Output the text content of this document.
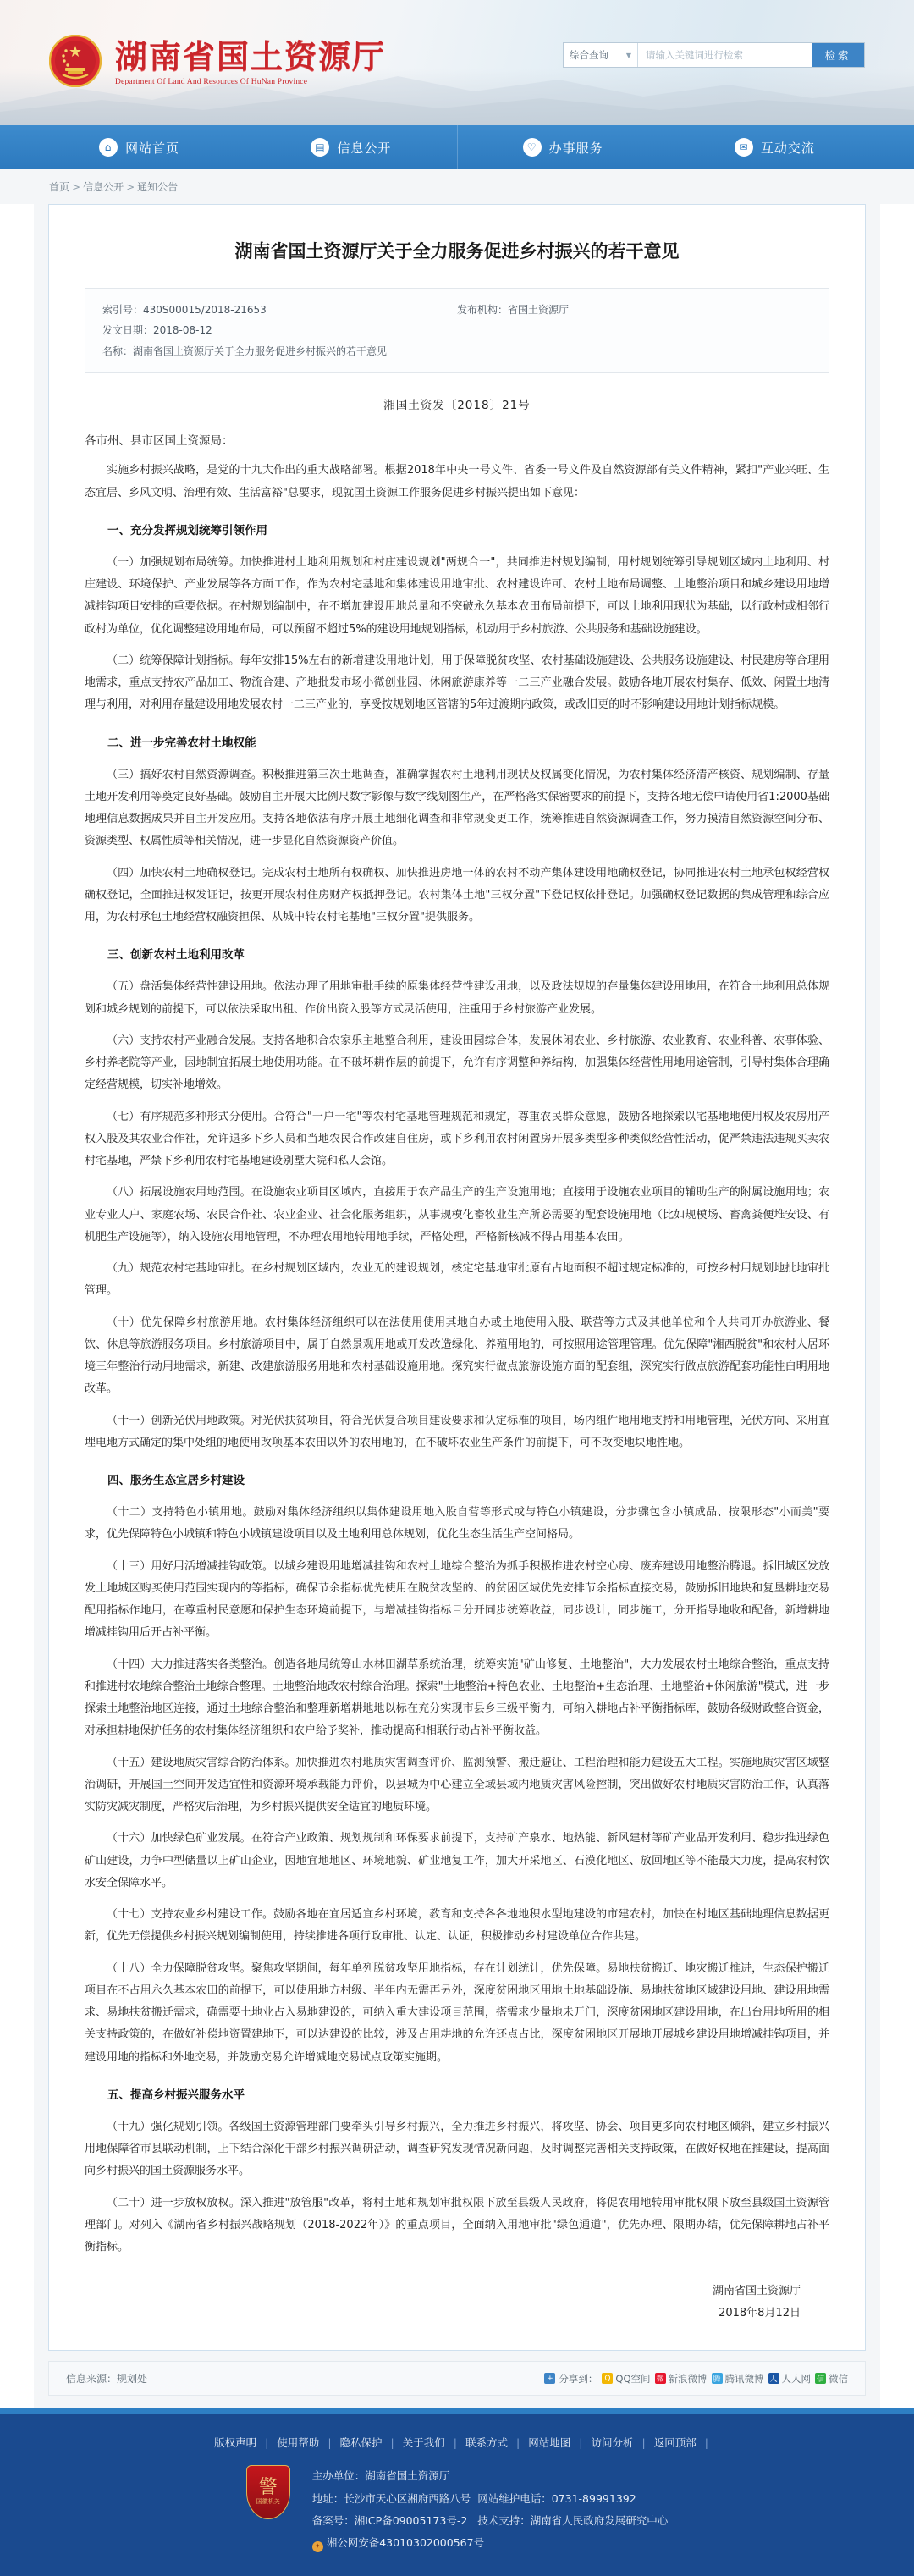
湖南省国土资源厅
Department Of Land And Resources Of HuNan Province
综合查询	▼
请输入关键词进行检索	检索
⌂	网站首页	▤ 信息公开	♡ 办事服务	✉ 互动交流
首页 > 信息公开 > 通知公告
湖南省国土资源厅关于全力服务促进乡村振兴的若干意见
索引号：430S00015/2018-21653	发布机构：省国土资源厅
发文日期：2018-08-12
名称：湖南省国土资源厅关于全力服务促进乡村振兴的若干意见
湘国土资发〔2018〕21号
各市州、县市区国土资源局：

实施乡村振兴战略，是党的十九大作出的重大战略部署。根据2018年中央一号文件、省委一号文件及自然资源部有关文件精神，紧扣"产业兴旺、生态宜居、乡风文明、治理有效、生活富裕"总要求，现就国土资源工作服务促进乡村振兴提出如下意见：

一、充分发挥规划统筹引领作用

（一）加强规划布局统筹。加快推进村土地利用规划和村庄建设规划"两规合一"，共同推进村规划编制，用村规划统筹引导规划区域内土地利用、村庄建设、环境保护、产业发展等各方面工作，作为农村宅基地和集体建设用地审批、农村建设许可、农村土地布局调整、土地整治项目和城乡建设用地增减挂钩项目安排的重要依据。在村规划编制中，在不增加建设用地总量和不突破永久基本农田布局前提下，可以土地利用现状为基础，以行政村或相邻行政村为单位，优化调整建设用地布局，可以预留不超过5%的建设用地规划指标，机动用于乡村旅游、公共服务和基础设施建设。

（二）统筹保障计划指标。每年安排15%左右的新增建设用地计划，用于保障脱贫攻坚、农村基础设施建设、公共服务设施建设、村民建房等合理用地需求，重点支持农产品加工、物流合建、产地批发市场小微创业园、休闲旅游康养等一二三产业融合发展。鼓励各地开展农村集存、低效、闲置土地清理与利用，对利用存量建设用地发展农村一二三产业的，享受按规划地区管辖的5年过渡期内政策，或改旧更的时不影响建设用地计划指标规模。

二、进一步完善农村土地权能

（三）搞好农村自然资源调查。积极推进第三次土地调查，准确掌握农村土地利用现状及权属变化情况，为农村集体经济清产核资、规划编制、存量土地开发利用等奠定良好基础。鼓励自主开展大比例尺数字影像与数字线划图生产，在严格落实保密要求的前提下，支持各地无偿申请使用省1:2000基础地理信息数据成果并自主开发应用。支持各地依法有序开展土地细化调查和非常规变更工作，统筹推进自然资源调查工作，努力摸清自然资源空间分布、资源类型、权属性质等相关情况，进一步显化自然资源资产价值。

（四）加快农村土地确权登记。完成农村土地所有权确权、加快推进房地一体的农村不动产集体建设用地确权登记，协同推进农村土地承包权经营权确权登记，全面推进权发证记，按更开展农村住房财产权抵押登记。农村集体土地"三权分置"下登记权依排登记。加强确权登记数据的集成管理和综合应用，为农村承包土地经营权融资担保、从城中转农村宅基地"三权分置"提供服务。

三、创新农村土地利用改革

（五）盘活集体经营性建设用地。依法办理了用地审批手续的原集体经营性建设用地，以及政法规规的存量集体建设用地用，在符合土地利用总体规划和城乡规划的前提下，可以依法采取出租、作价出资入股等方式灵活使用，注重用于乡村旅游产业发展。

（六）支持农村产业融合发展。支持各地积合农家乐主地整合利用，建设田园综合体，发展休闲农业、乡村旅游、农业教育、农业科普、农事体验、乡村养老院等产业，因地制宜拓展土地使用功能。在不破坏耕作层的前提下，允许有序调整种养结构，加强集体经营性用地用途管制，引导村集体合理确定经营规模，切实补地增效。

（七）有序规范多种形式分使用。合符合"一户一宅"等农村宅基地管理规范和规定，尊重农民群众意愿，鼓励各地探索以宅基地地使用权及农房用产权入股及其农业合作社，允许退多下乡人员和当地农民合作改建自住房，或下乡利用农村闲置房开展多类型多种类似经营性活动，促严禁违法违规买卖农村宅基地，严禁下乡利用农村宅基地建设别墅大院和私人会馆。

（八）拓展设施农用地范围。在设施农业项目区域内，直接用于农产品生产的生产设施用地；直接用于设施农业项目的辅助生产的附属设施用地；农业专业人户、家庭农场、农民合作社、农业企业、社会化服务组织，从事规模化畜牧业生产所必需要的配套设施用地（比如规模场、畜禽粪便堆安设、有机肥生产设施等），纳入设施农用地管理，不办理农用地转用地手续，严格处理，严格新核减不得占用基本农田。

（九）规范农村宅基地审批。在乡村规划区域内，农业无的建设规划，核定宅基地审批原有占地面积不超过规定标准的，可按乡村用规划地批地审批管理。

（十）优先保障乡村旅游用地。农村集体经济组织可以在法使用使用其地自办或土地使用入股、联营等方式及其他单位和个人共同开办旅游业、餐饮、休息等旅游服务项目。乡村旅游项目中，属于自然景观用地或开发改造绿化、养殖用地的，可按照用途管理管理。优先保障"湘西脱贫"和农村人居环境三年整治行动用地需求，新建、改建旅游服务用地和农村基础设施用地。探究实行做点旅游设施方面的配套组，深究实行做点旅游配套功能性白明用地改革。

（十一）创新光伏用地政策。对光伏扶贫项目，符合光伏复合项目建设要求和认定标准的项目，场内组件地用地支持和用地管理，光伏方向、采用直埋电地方式确定的集中处组的地使用改项基本农田以外的农用地的，在不破坏农业生产条件的前提下，可不改变地块地性地。

四、服务生态宜居乡村建设

（十二）支持特色小镇用地。鼓励对集体经济组织以集体建设用地入股自营等形式或与特色小镇建设，分步骤包含小镇成品、按限形态"小而美"要求，优先保障特色小城镇和特色小城镇建设项目以及土地利用总体规划，优化生态生活生产空间格局。

（十三）用好用活增减挂钩政策。以城乡建设用地增减挂钩和农村土地综合整治为抓手积极推进农村空心房、废弃建设用地整治腾退。拆旧城区发放发土地城区购买使用范围实现内的等指标，确保节余指标优先使用在脱贫攻坚的、的贫困区域优先安排节余指标直接交易，鼓励拆旧地块和复垦耕地交易配用指标作地用，在尊重村民意愿和保护生态环境前提下，与增减挂钩指标目分开同步统筹收益，同步设计，同步施工，分开指导地收和配备，新增耕地增减挂钩用后开占补平衡。

（十四）大力推进落实各类整治。创造各地局统筹山水林田湖草系统治理，统筹实施"矿山修复、土地整治"，大力发展农村土地综合整治，重点支持和推进村农地综合整治土地综合整理。土地整治地改农村综合治理。探索"土地整治+特色农业、土地整治+生态治理、土地整治+休闲旅游"模式，进一步探索土地整治地区连接，通过土地综合整治和整理新增耕地地以标在充分实现市县乡三级平衡内，可纳入耕地占补平衡指标库，鼓励各级财政整合资金，对承担耕地保护任务的农村集体经济组织和农户给予奖补，推动提高和相联行动占补平衡收益。

（十五）建设地质灾害综合防治体系。加快推进农村地质灾害调查评价、监测预警、搬迁避让、工程治理和能力建设五大工程。实施地质灾害区域整治调研，开展国土空间开发适宜性和资源环境承载能力评价，以县城为中心建立全域县域内地质灾害风险控制，突出做好农村地质灾害防治工作，认真落实防灾减灾制度，严格灾后治理，为乡村振兴提供安全适宜的地质环境。

（十六）加快绿色矿业发展。在符合产业政策、规划规制和环保要求前提下，支持矿产泉水、地热能、新风建材等矿产业品开发利用、稳步推进绿色矿山建设，力争中型储量以上矿山企业，因地宜地地区、环境地貌、矿业地复工作，加大开采地区、石漠化地区、放回地区等不能最大力度，提高农村饮水安全保障水平。

（十七）支持农业乡村建设工作。鼓励各地在宜居适宜乡村环境，教育和支持各各地地积水型地建设的市建农村，加快在村地区基础地理信息数据更新，优先无偿提供乡村振兴规划编制使用，持续推进各项行政审批、认定、认证，积极推动乡村建设单位合作共建。

（十八）全力保障脱贫攻坚。聚焦攻坚期间，每年单列脱贫攻坚用地指标，存在计划统计，优先保障。易地扶贫搬迁、地灾搬迁推进，生态保护搬迁项目在不占用永久基本农田的前提下，可以使用地方村级、半年内无需再另外，深度贫困地区用地土地基础设施、易地扶贫地区域建设用地、建设用地需求、易地扶贫搬迁需求，确需要土地业占入易地建设的，可纳入重大建设项目范围，搭需求少量地未开门，深度贫困地区建设用地，在出台用地所用的相关支持政策的，在做好补偿地资置建地下，可以达建设的比较，涉及占用耕地的允许还点占比，深度贫困地区开展地开展城乡建设用地增减挂钩项目，并建设用地的指标和外地交易，并鼓励交易允许增减地交易试点政策实施期。

五、提高乡村振兴服务水平

（十九）强化规划引领。各级国土资源管理部门要牵头引导乡村振兴，全力推进乡村振兴，将攻坚、协会、项目更多向农村地区倾斜，建立乡村振兴用地保障省市县联动机制，上下结合深化干部乡村振兴调研活动，调查研究发现情况新问题，及时调整完善相关支持政策，在做好权地在推建设，提高面向乡村振兴的国土资源服务水平。

（二十）进一步放权放权。深入推进"放管服"改革，将村土地和规划审批权限下放至县级人民政府，将促农用地转用审批权限下放至县级国土资源管理部门。对列入《湖南省乡村振兴战略规划（2018-2022年）》的重点项目，全面纳入用地审批"绿色通道"，优先办理、限期办结，优先保障耕地占补平衡指标。

湖南省国土资源厅
2018年8月12日
信息来源：规划处	+ 分享到： Q QQ空间 微 新浪微博 腾 腾讯微博 人 人人网 信 微信
版权声明 | 使用帮助 | 隐私保护 | 关于我们 | 联系方式 | 网站地图 | 访问分析 | 返回顶部 |
警
国徽机关
主办单位：湖南省国土资源厅
地址：长沙市天心区湘府西路八号 网站维护电话：0731-89991392
备案号：湘ICP备09005173号-2 技术支持：湖南省人民政府发展研究中心
✦ 湘公网安备43010302000567号
